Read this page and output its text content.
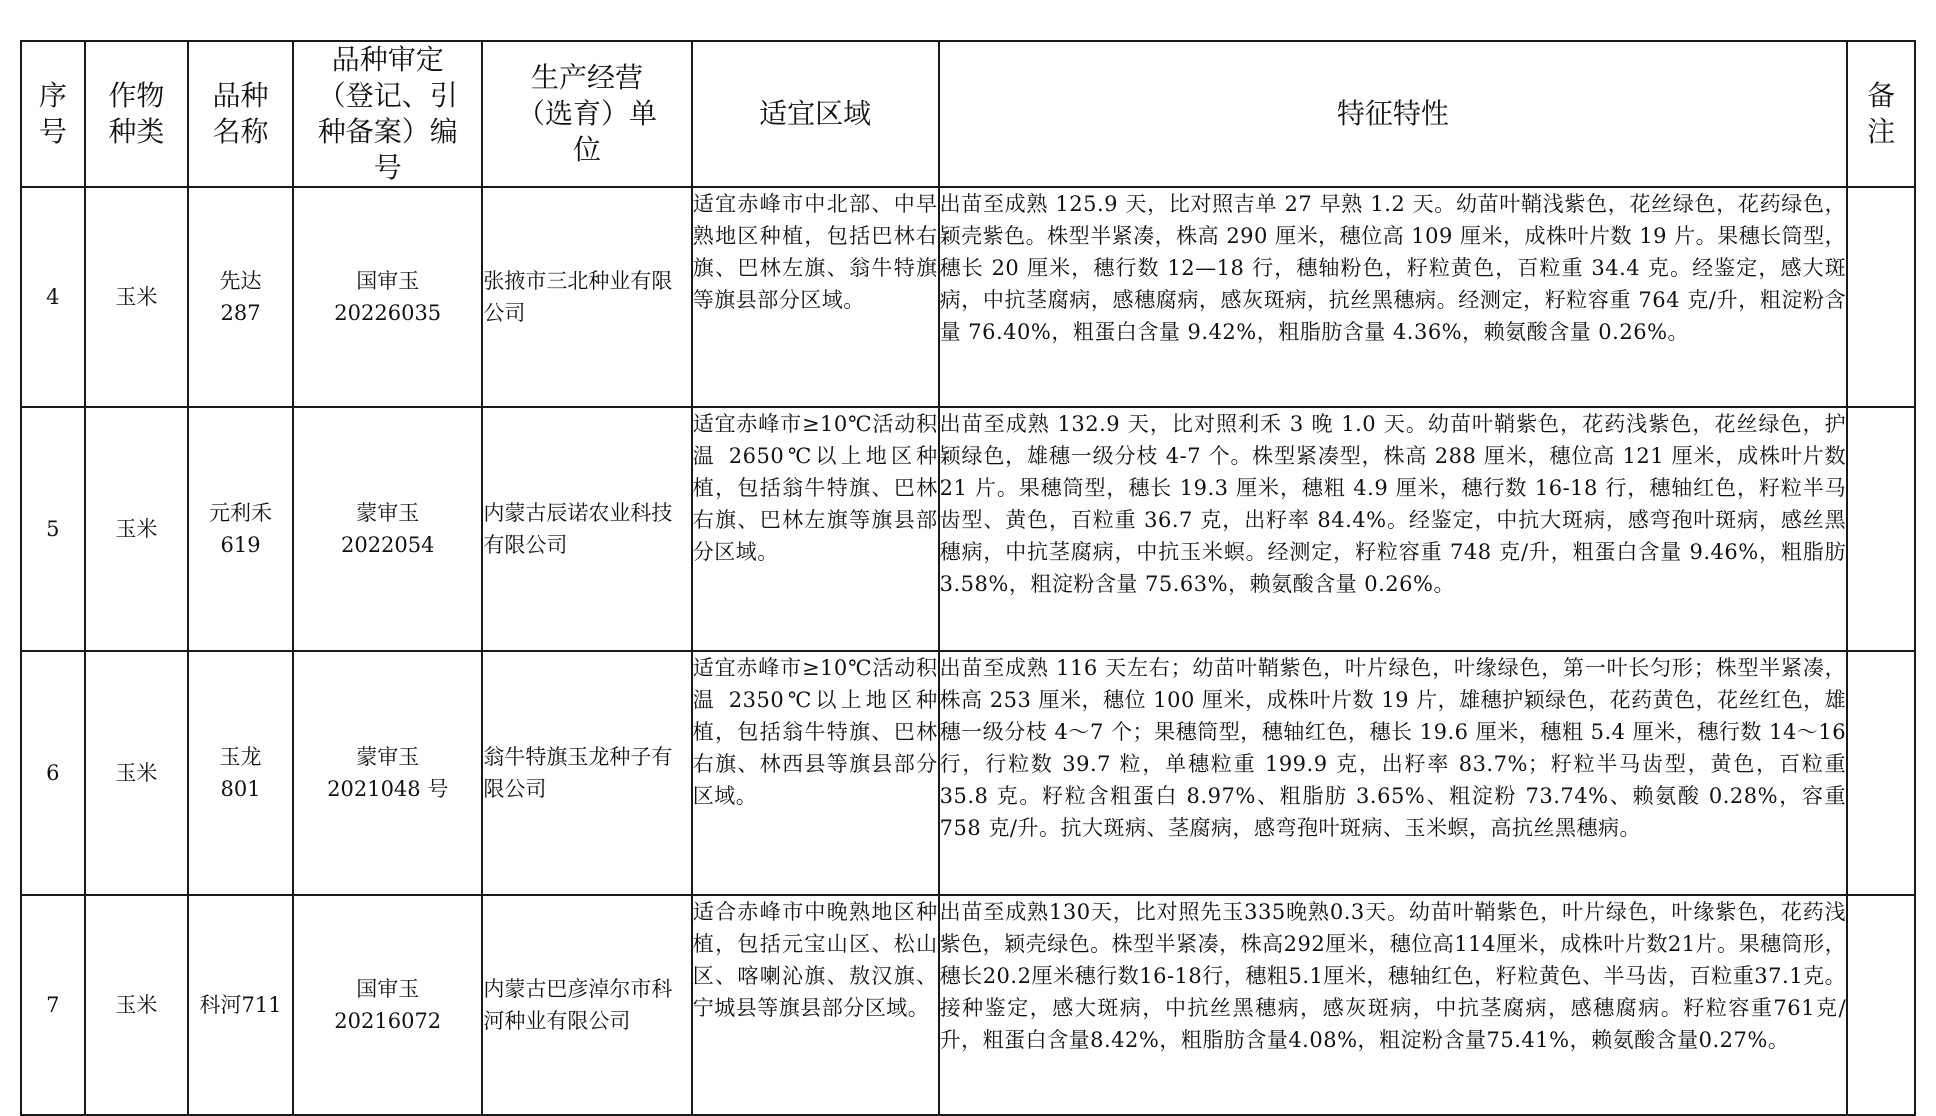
序号	作物种类	品种名称	品种审定（登记、引种备案）编号	生产经营（选育）单位	适宜区域	特征特性	备注
4	玉米	先达 287	国审玉 20226035	张掖市三北种业有限公司	适宜赤峰市中北部、中早熟地区种植，包括巴林右旗、巴林左旗、翁牛特旗等旗县部分区域。	出苗至成熟 125.9 天，比对照吉单 27 早熟 1.2 天。幼苗叶鞘浅紫色，花丝绿色，花药绿色，颖壳紫色。株型半紧凑，株高 290 厘米，穗位高 109 厘米，成株叶片数 19 片。果穗长筒型，穗长 20 厘米，穗行数 12—18 行，穗轴粉色，籽粒黄色，百粒重 34.4 克。经鉴定，感大斑病，中抗茎腐病，感穗腐病，感灰斑病，抗丝黑穗病。经测定，籽粒容重 764 克/升，粗淀粉含量 76.40%，粗蛋白含量 9.42%，粗脂肪含量 4.36%，赖氨酸含量 0.26%。	
5	玉米	元利禾 619	蒙审玉 2022054	内蒙古辰诺农业科技有限公司	适宜赤峰市≥10℃活动积温 2650℃以上地区种植，包括翁牛特旗、巴林右旗、巴林左旗等旗县部分区域。	出苗至成熟 132.9 天，比对照利禾 3 晚 1.0 天。幼苗叶鞘紫色，花药浅紫色，花丝绿色，护颖绿色，雄穗一级分枝 4-7 个。株型紧凑型，株高 288 厘米，穗位高 121 厘米，成株叶片数 21 片。果穗筒型，穗长 19.3 厘米，穗粗 4.9 厘米，穗行数 16-18 行，穗轴红色，籽粒半马齿型、黄色，百粒重 36.7 克，出籽率 84.4%。经鉴定，中抗大斑病，感弯孢叶斑病，感丝黑穗病，中抗茎腐病，中抗玉米螟。经测定，籽粒容重 748 克/升，粗蛋白含量 9.46%，粗脂肪 3.58%，粗淀粉含量 75.63%，赖氨酸含量 0.26%。	
6	玉米	玉龙 801	蒙审玉 2021048 号	翁牛特旗玉龙种子有限公司	适宜赤峰市≥10℃活动积温 2350℃以上地区种植，包括翁牛特旗、巴林右旗、林西县等旗县部分区域。	出苗至成熟 116 天左右；幼苗叶鞘紫色，叶片绿色，叶缘绿色，第一叶长匀形；株型半紧凑，株高 253 厘米，穗位 100 厘米，成株叶片数 19 片，雄穗护颖绿色，花药黄色，花丝红色，雄穗一级分枝 4～7 个；果穗筒型，穗轴红色，穗长 19.6 厘米，穗粗 5.4 厘米，穗行数 14～16 行，行粒数 39.7 粒，单穗粒重 199.9 克，出籽率 83.7%；籽粒半马齿型，黄色，百粒重 35.8 克。籽粒含粗蛋白 8.97%、粗脂肪 3.65%、粗淀粉 73.74%、赖氨酸 0.28%，容重 758 克/升。抗大斑病、茎腐病，感弯孢叶斑病、玉米螟，高抗丝黑穗病。	
7	玉米	科河711	国审玉 20216072	内蒙古巴彦淖尔市科河种业有限公司	适合赤峰市中晚熟地区种植，包括元宝山区、松山区、喀喇沁旗、敖汉旗、宁城县等旗县部分区域。	出苗至成熟130天，比对照先玉335晚熟0.3天。幼苗叶鞘紫色，叶片绿色，叶缘紫色，花药浅紫色，颖壳绿色。株型半紧凑，株高292厘米，穗位高114厘米，成株叶片数21片。果穗筒形，穗长20.2厘米穗行数16-18行，穗粗5.1厘米，穗轴红色，籽粒黄色、半马齿，百粒重37.1克。接种鉴定，感大斑病，中抗丝黑穗病，感灰斑病，中抗茎腐病，感穗腐病。籽粒容重761克/升，粗蛋白含量8.42%，粗脂肪含量4.08%，粗淀粉含量75.41%，赖氨酸含量0.27%。	
